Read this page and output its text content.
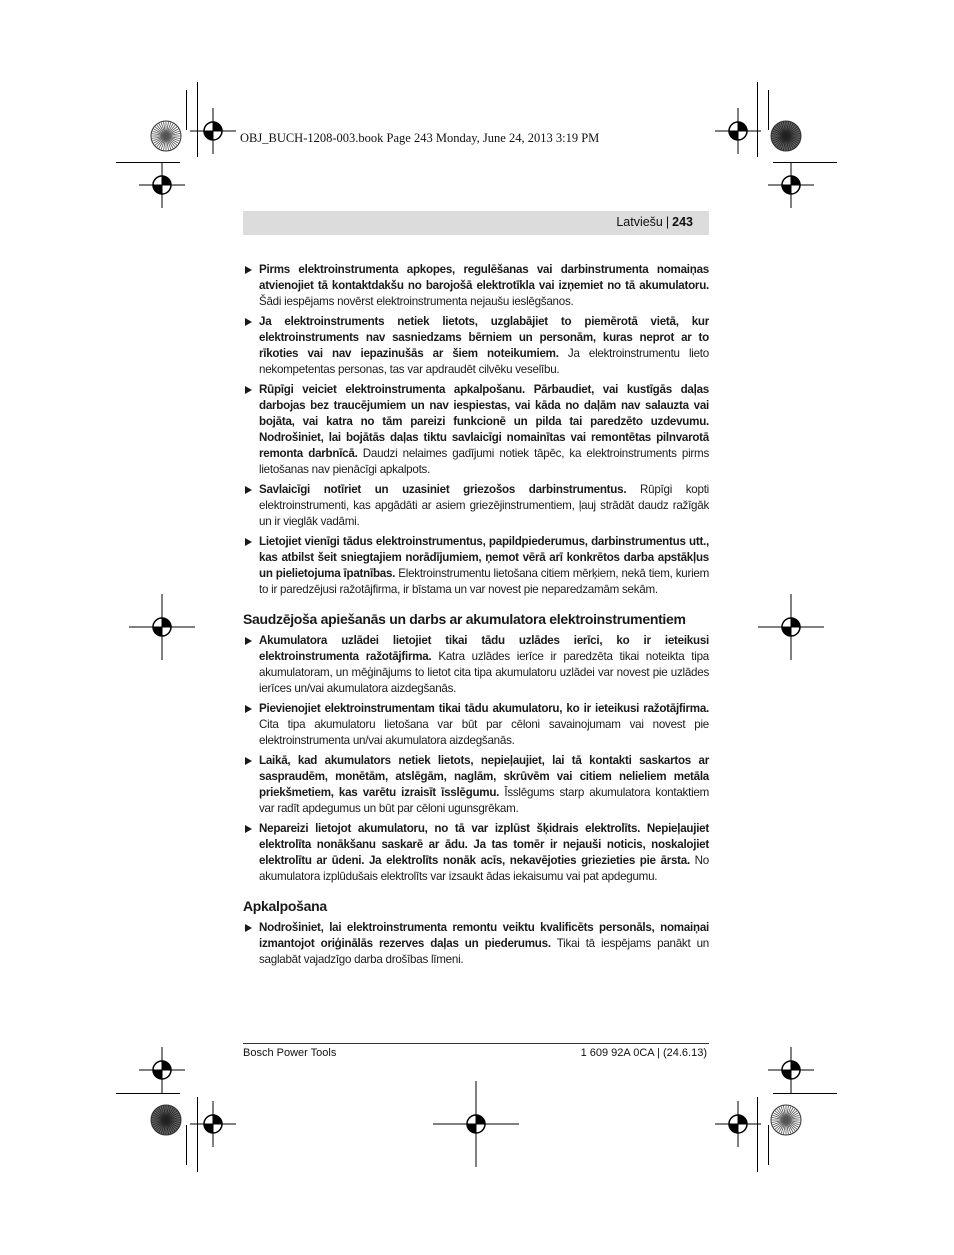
OBJ_BUCH-1208-003.book Page 243 Monday, June 24, 2013 3:19 PM
Latviešu | 243
Pirms elektroinstrumenta apkopes, regulēšanas vai darbinstrumenta nomaiņas atvienojiet tā kontaktdakšu no barojošā elektrotīkla vai izņemiet no tā akumulatoru. Šādi iespējams novērst elektroinstrumenta nejaušu ieslēgšanos.
Ja elektroinstruments netiek lietots, uzglabājiet to piemērotā vietā, kur elektroinstruments nav sasniedzams bērniem un personām, kuras neprot ar to rīkoties vai nav iepazinušās ar šiem noteikumiem. Ja elektroinstrumentu lieto nekompetentas personas, tas var apdraudēt cilvēku veselību.
Rūpīgi veiciet elektroinstrumenta apkalpošanu. Pārbaudiet, vai kustīgās daļas darbojas bez traucējumiem un nav iespiestas, vai kāda no daļām nav salauzta vai bojāta, vai katra no tām pareizi funkcionē un pilda tai paredzēto uzdevumu. Nodrošiniet, lai bojātās daļas tiktu savlaicīgi nomainītas vai remontētas pilnvarotā remonta darbnīcā. Daudzi nelaimes gadījumi notiek tāpēc, ka elektroinstruments pirms lietošanas nav pienācīgi apkalpots.
Savlaicīgi notīriet un uzasiniet griezošos darbinstrumentus. Rūpīgi kopti elektroinstrumenti, kas apgādāti ar asiem griezējinstrumentiem, ļauj strādāt daudz ražīgāk un ir vieglāk vadāmi.
Lietojiet vienīgi tādus elektroinstrumentus, papildpiederumus, darbinstrumentus utt., kas atbilst šeit sniegtajiem norādījumiem, ņemot vērā arī konkrētos darba apstākļus un pielietojuma īpatnības. Elektroinstrumentu lietošana citiem mērķiem, nekā tiem, kuriem to ir paredzējusi ražotājfirma, ir bīstama un var novest pie neparedzamām sekām.
Saudzējoša apiešanās un darbs ar akumulatora elektroinstrumentiem
Akumulatora uzlādei lietojiet tikai tādu uzlādes ierīci, ko ir ieteikusi elektroinstrumenta ražotājfirma. Katra uzlādes ierīce ir paredzēta tikai noteikta tipa akumulatoram, un mēģinājums to lietot cita tipa akumulatoru uzlādei var novest pie uzlādes ierīces un/vai akumulatora aizdegšanās.
Pievienojiet elektroinstrumentam tikai tādu akumulatoru, ko ir ieteikusi ražotājfirma. Cita tipa akumulatoru lietošana var būt par cēloni savainojumam vai novest pie elektroinstrumenta un/vai akumulatora aizdegšanās.
Laikā, kad akumulators netiek lietots, nepieļaujiet, lai tā kontakti saskartos ar saspraudēm, monētām, atslēgām, naglām, skrūvēm vai citiem nelieliem metāla priekšmetiem, kas varētu izraisīt īsslēgumu. Īsslēgums starp akumulatora kontaktiem var radīt apdegumus un būt par cēloni ugunsgrēkam.
Nepareizi lietojot akumulatoru, no tā var izplūst šķidrais elektrolīts. Nepieļaujiet elektrolīta nonākšanu saskarē ar ādu. Ja tas tomēr ir nejauši noticis, noskalojiet elektrolītu ar ūdeni. Ja elektrolīts nonāk acīs, nekavējoties griezieties pie ārsta. No akumulatora izplūdušais elektrolīts var izsaukt ādas iekaisumu vai pat apdegumu.
Apkalpošana
Nodrošiniet, lai elektroinstrumenta remontu veiktu kvalificēts personāls, nomaiņai izmantojot oriģinālās rezerves daļas un piederumus. Tikai tā iespējams panākt un saglabāt vajadzīgo darba drošības līmeni.
Bosch Power Tools	1 609 92A 0CA | (24.6.13)
